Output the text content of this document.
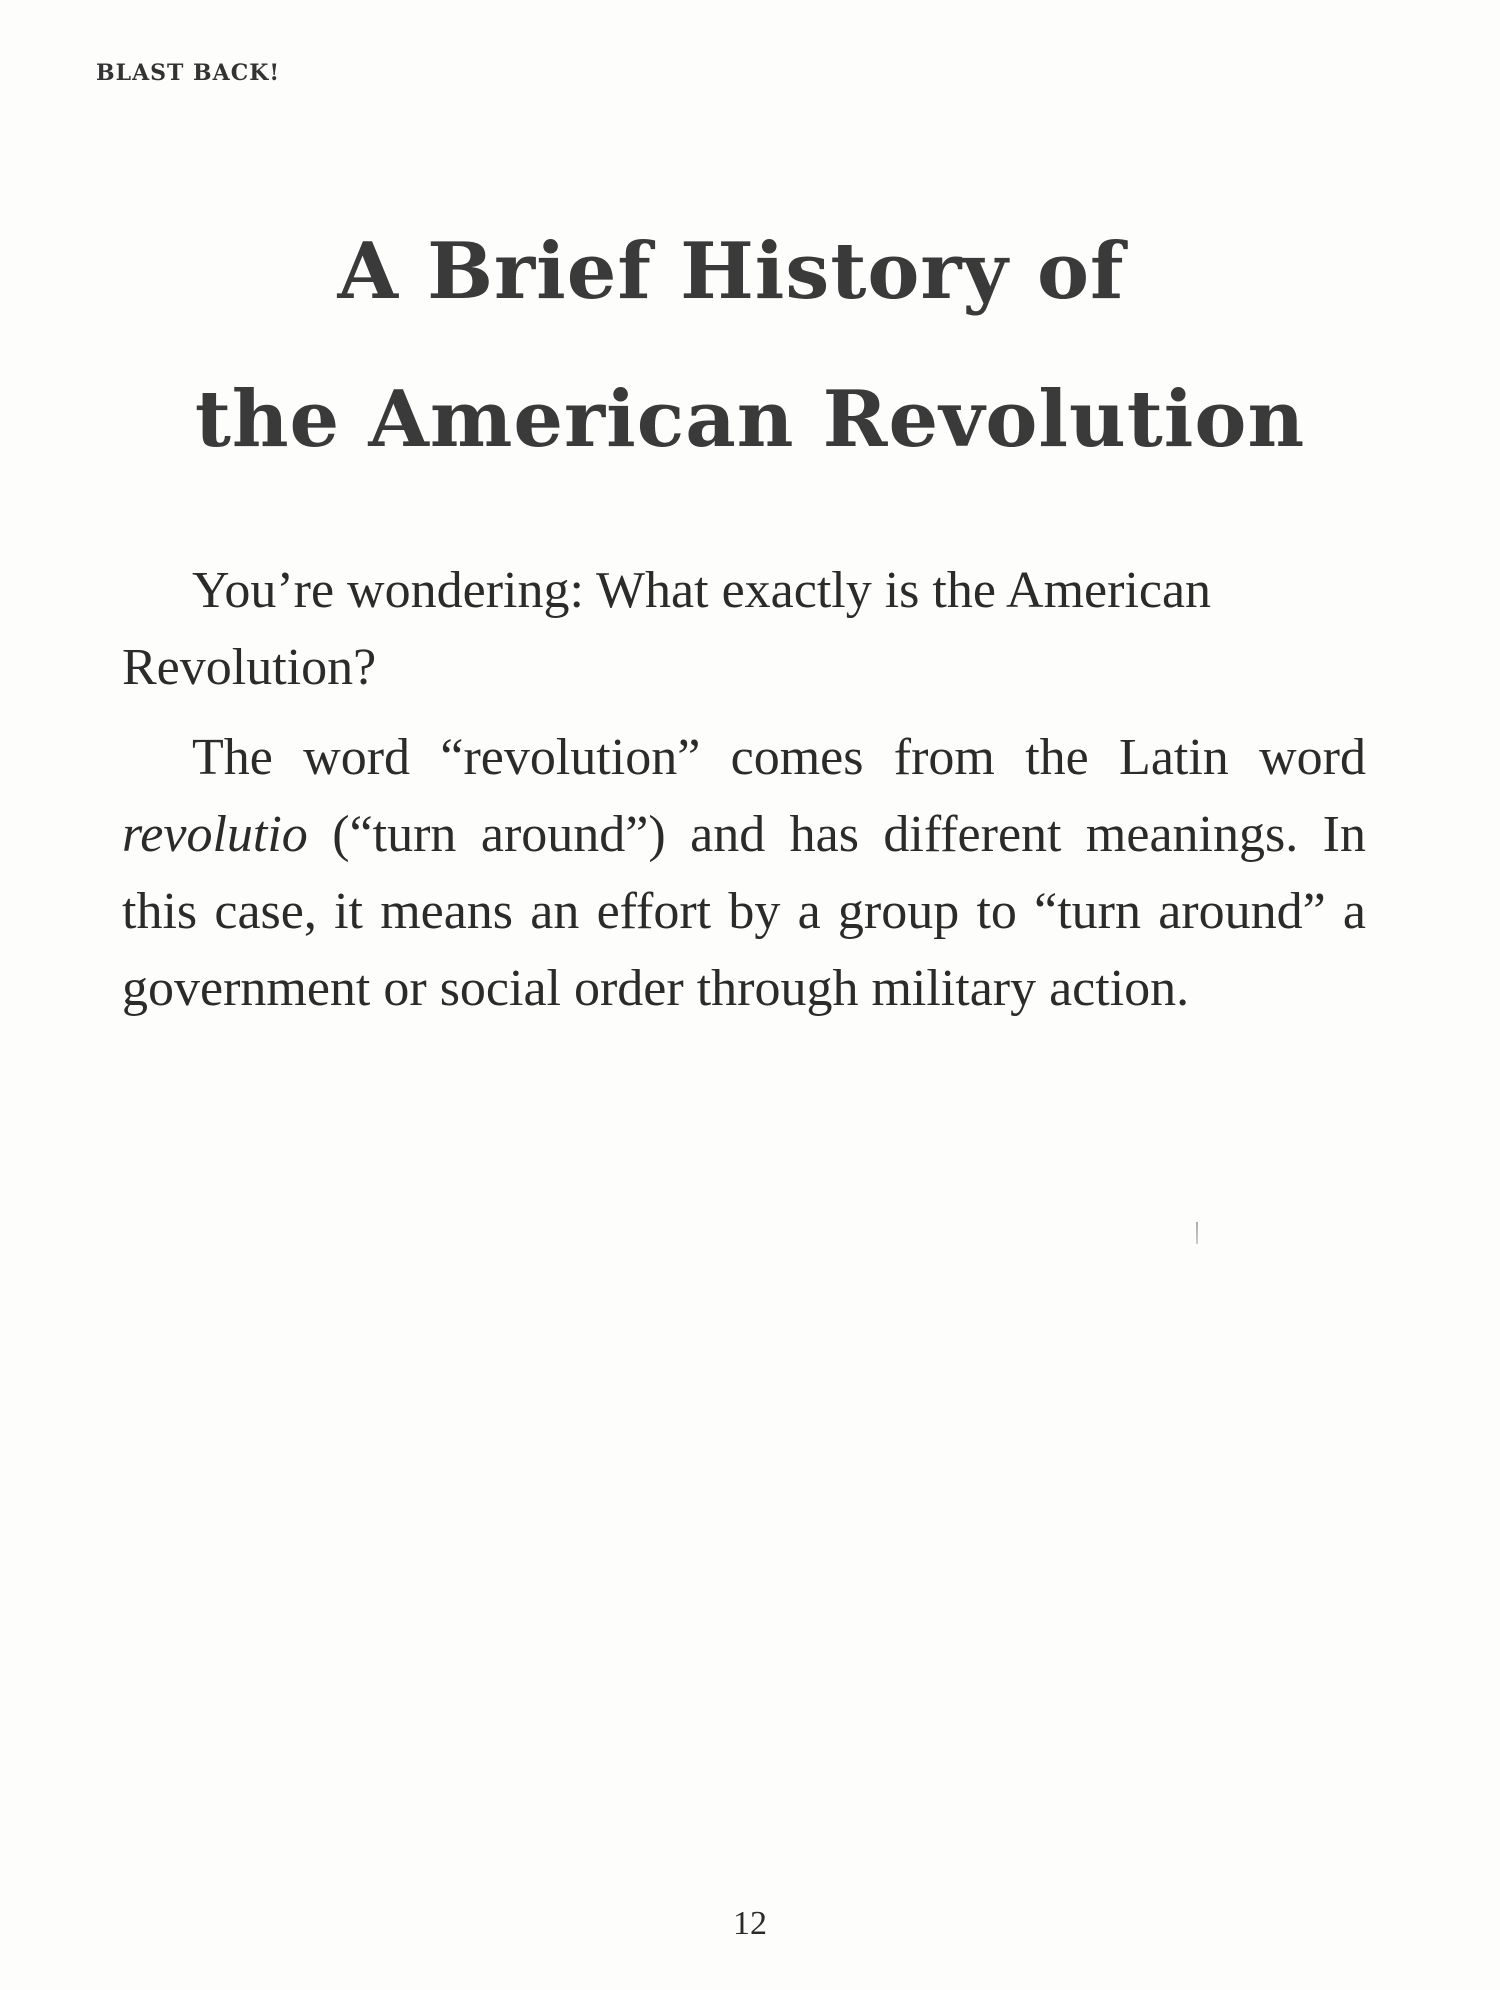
BLAST BACK!
A Brief History of
the American Revolution

You’re wondering: What exactly is the American Revolution?

The word “revolution” comes from the Latin word revolutio (“turn around”) and has different meanings. In this case, it means an effort by a group to “turn around” a government or social order through military action.

12
